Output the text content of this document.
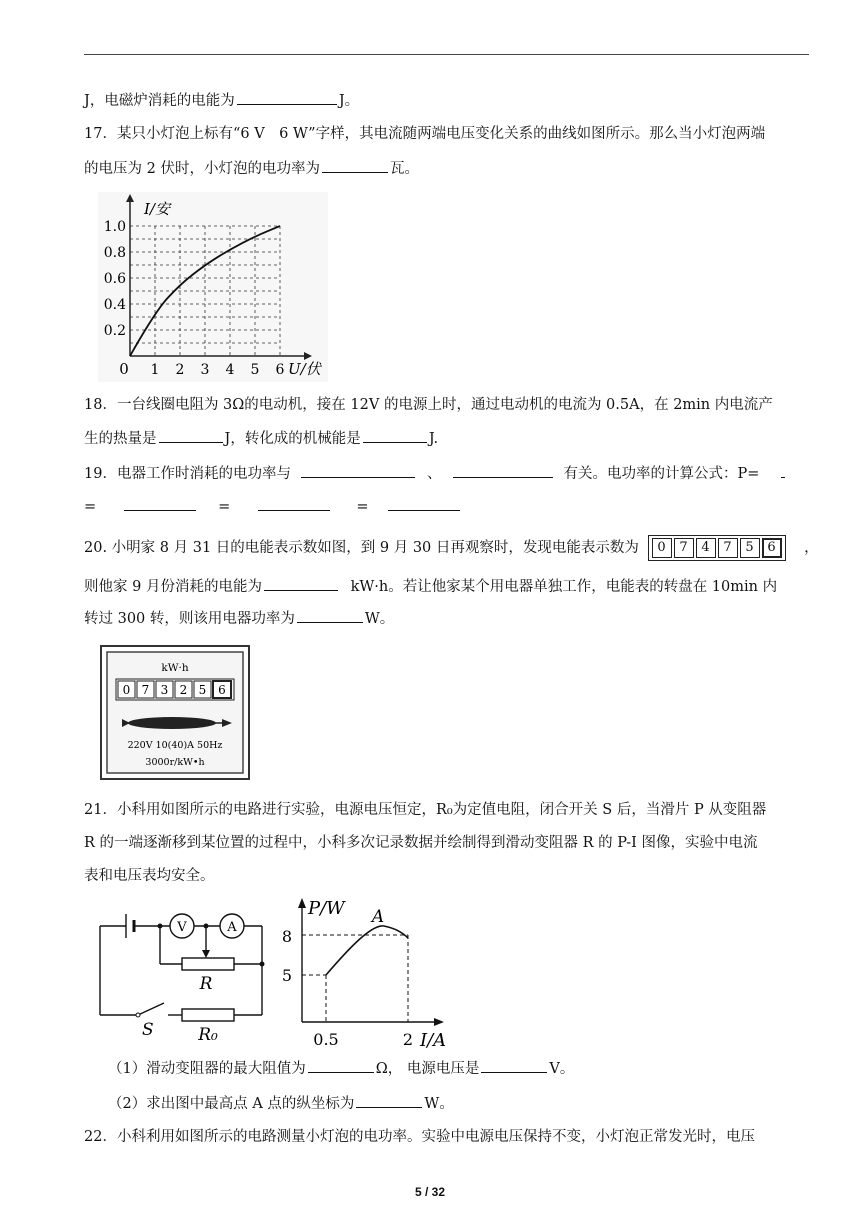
J，电磁炉消耗的电能为	J。
17．某只小灯泡上标有“6 V　6 W”字样，其电流随两端电压变化关系的曲线如图所示。那么当小灯泡两端
的电压为 2 伏时，小灯泡的电功率为	瓦。
I/安
U/伏
0
1.0
0.8
0.6
0.4
0.2
1 2 3 4 5 6
18．一台线圈电阻为 3Ω的电动机，接在 12V 的电源上时，通过电动机的电流为 0.5A，在 2min 内电流产
生的热量是	J，转化成的机械能是	J.
19．电器工作时消耗的电功率与	、	有关。电功率的计算公式：P=
=	=	=
20. 小明家 8 月 31 日的电能表示数如图，到 9 月 30 日再观察时，发现电能表示数为	0	7	4	7	5	6	，
则他家 9 月份消耗的电能为	kW·h。若让他家某个用电器单独工作，电能表的转盘在 10min 内
转过 300 转，则该用电器功率为	W。
kW·h
0 7 3 2 5 6
220V 10(40)A 50Hz
3000r/kW•h
21．小科用如图所示的电路进行实验，电源电压恒定，R₀为定值电阻，闭合开关 S 后，当滑片 P 从变阻器
R 的一端逐渐移到某位置的过程中，小科多次记录数据并绘制得到滑动变阻器 R 的 P-I 图像，实验中电流
表和电压表均安全。
V	A
R
R₀
S
P/W
I/A
A
8
5
0.5	2
（1）滑动变阻器的最大阻值为	Ω， 电源电压是	V。
（2）求出图中最高点 A 点的纵坐标为	W。
22．小科利用如图所示的电路测量小灯泡的电功率。实验中电源电压保持不变，小灯泡正常发光时，电压
5 / 32
